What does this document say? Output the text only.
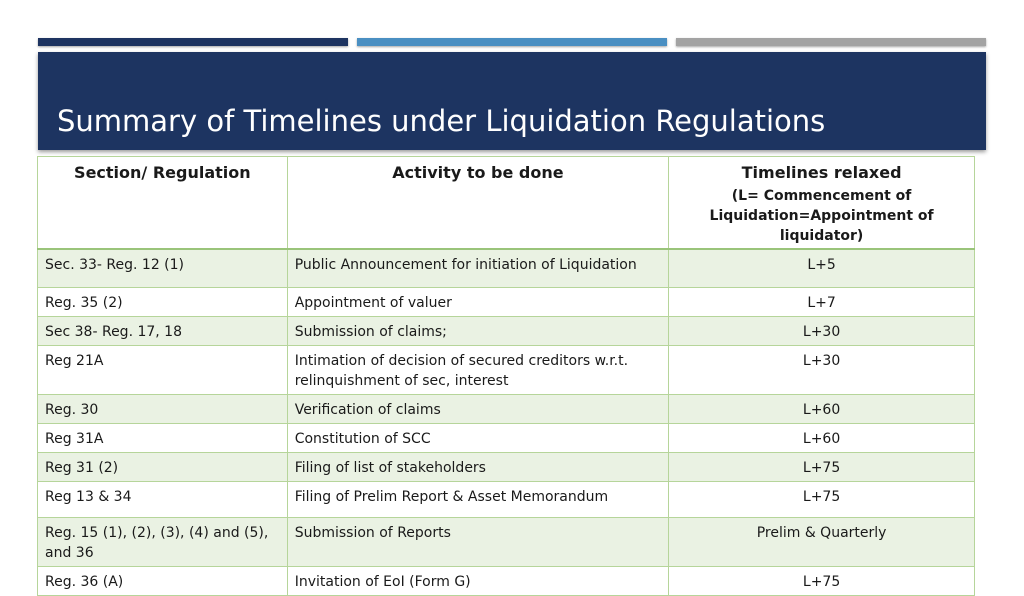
Summary of Timelines under Liquidation Regulations
Section/ Regulation	Activity to be done	Timelines relaxed
(L= Commencement of Liquidation=Appointment of liquidator)

Sec. 33- Reg. 12 (1)	Public Announcement for initiation of Liquidation	L+5
Reg. 35 (2)	Appointment of valuer	L+7
Sec 38- Reg. 17, 18	Submission of claims;	L+30
Reg 21A	Intimation of decision of secured creditors w.r.t. relinquishment of sec, interest	L+30
Reg. 30	Verification of claims	L+60
Reg 31A	Constitution of SCC	L+60
Reg 31 (2)	Filing of list of stakeholders	L+75
Reg 13 & 34	Filing of Prelim Report & Asset Memorandum	L+75
Reg. 15 (1), (2), (3), (4) and (5), and 36	Submission of Reports	Prelim & Quarterly
Reg. 36 (A)	Invitation of EoI (Form G)	L+75
